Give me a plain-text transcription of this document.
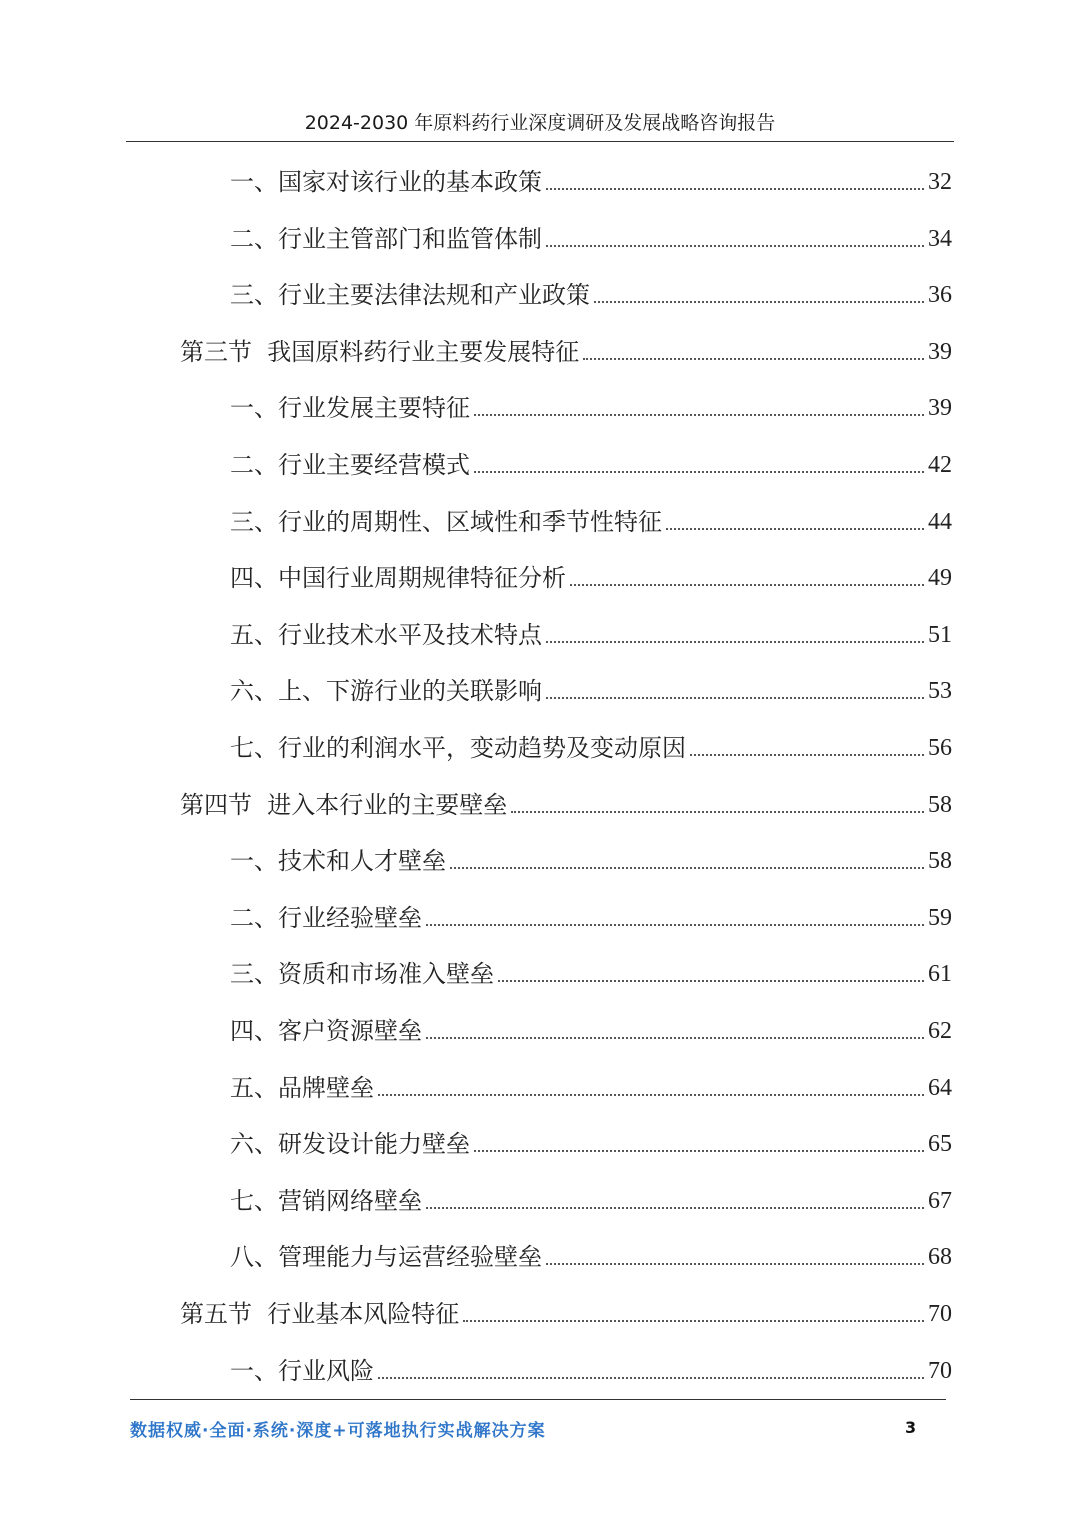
2024-2030 年原料药行业深度调研及发展战略咨询报告
一、国家对该行业的基本政策	32
二、行业主管部门和监管体制	34
三、行业主要法律法规和产业政策	36
第三节  我国原料药行业主要发展特征	39
一、行业发展主要特征	39
二、行业主要经营模式	42
三、行业的周期性、区域性和季节性特征	44
四、中国行业周期规律特征分析	49
五、行业技术水平及技术特点	51
六、上、下游行业的关联影响	53
七、行业的利润水平，变动趋势及变动原因	56
第四节  进入本行业的主要壁垒	58
一、技术和人才壁垒	58
二、行业经验壁垒	59
三、资质和市场准入壁垒	61
四、客户资源壁垒	62
五、品牌壁垒	64
六、研发设计能力壁垒	65
七、营销网络壁垒	67
八、管理能力与运营经验壁垒	68
第五节  行业基本风险特征	70
一、行业风险	70
数据权威·全面·系统·深度+可落地执行实战解决方案	3
